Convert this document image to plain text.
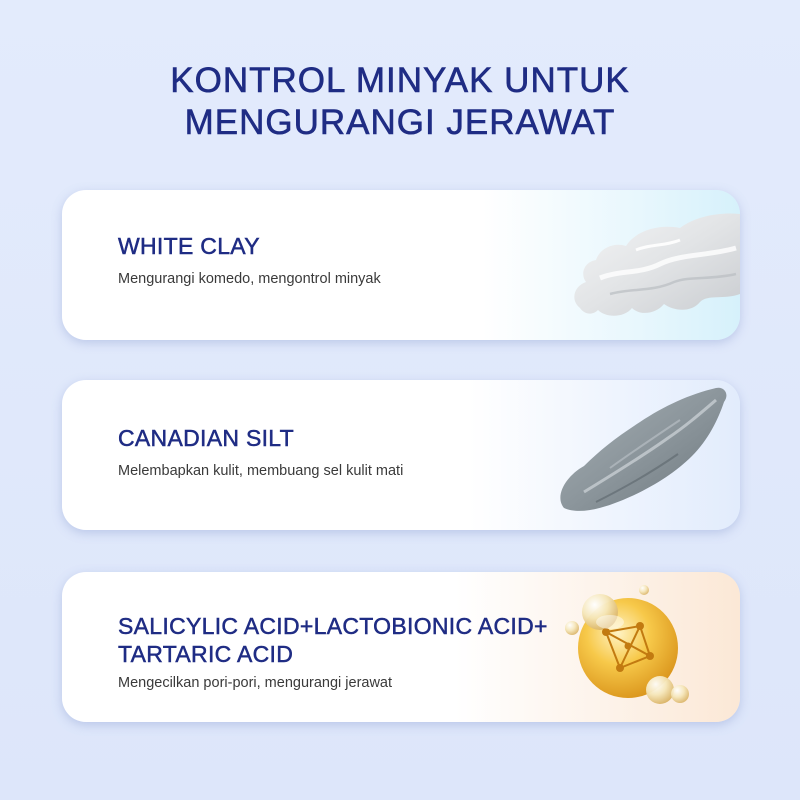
KONTROL MINYAK UNTUK
MENGURANGI JERAWAT
WHITE CLAY
Mengurangi komedo, mengontrol minyak
CANADIAN SILT
Melembapkan kulit, membuang sel kulit mati
SALICYLIC ACID+LACTOBIONIC ACID+ TARTARIC ACID
Mengecilkan pori-pori, mengurangi jerawat
